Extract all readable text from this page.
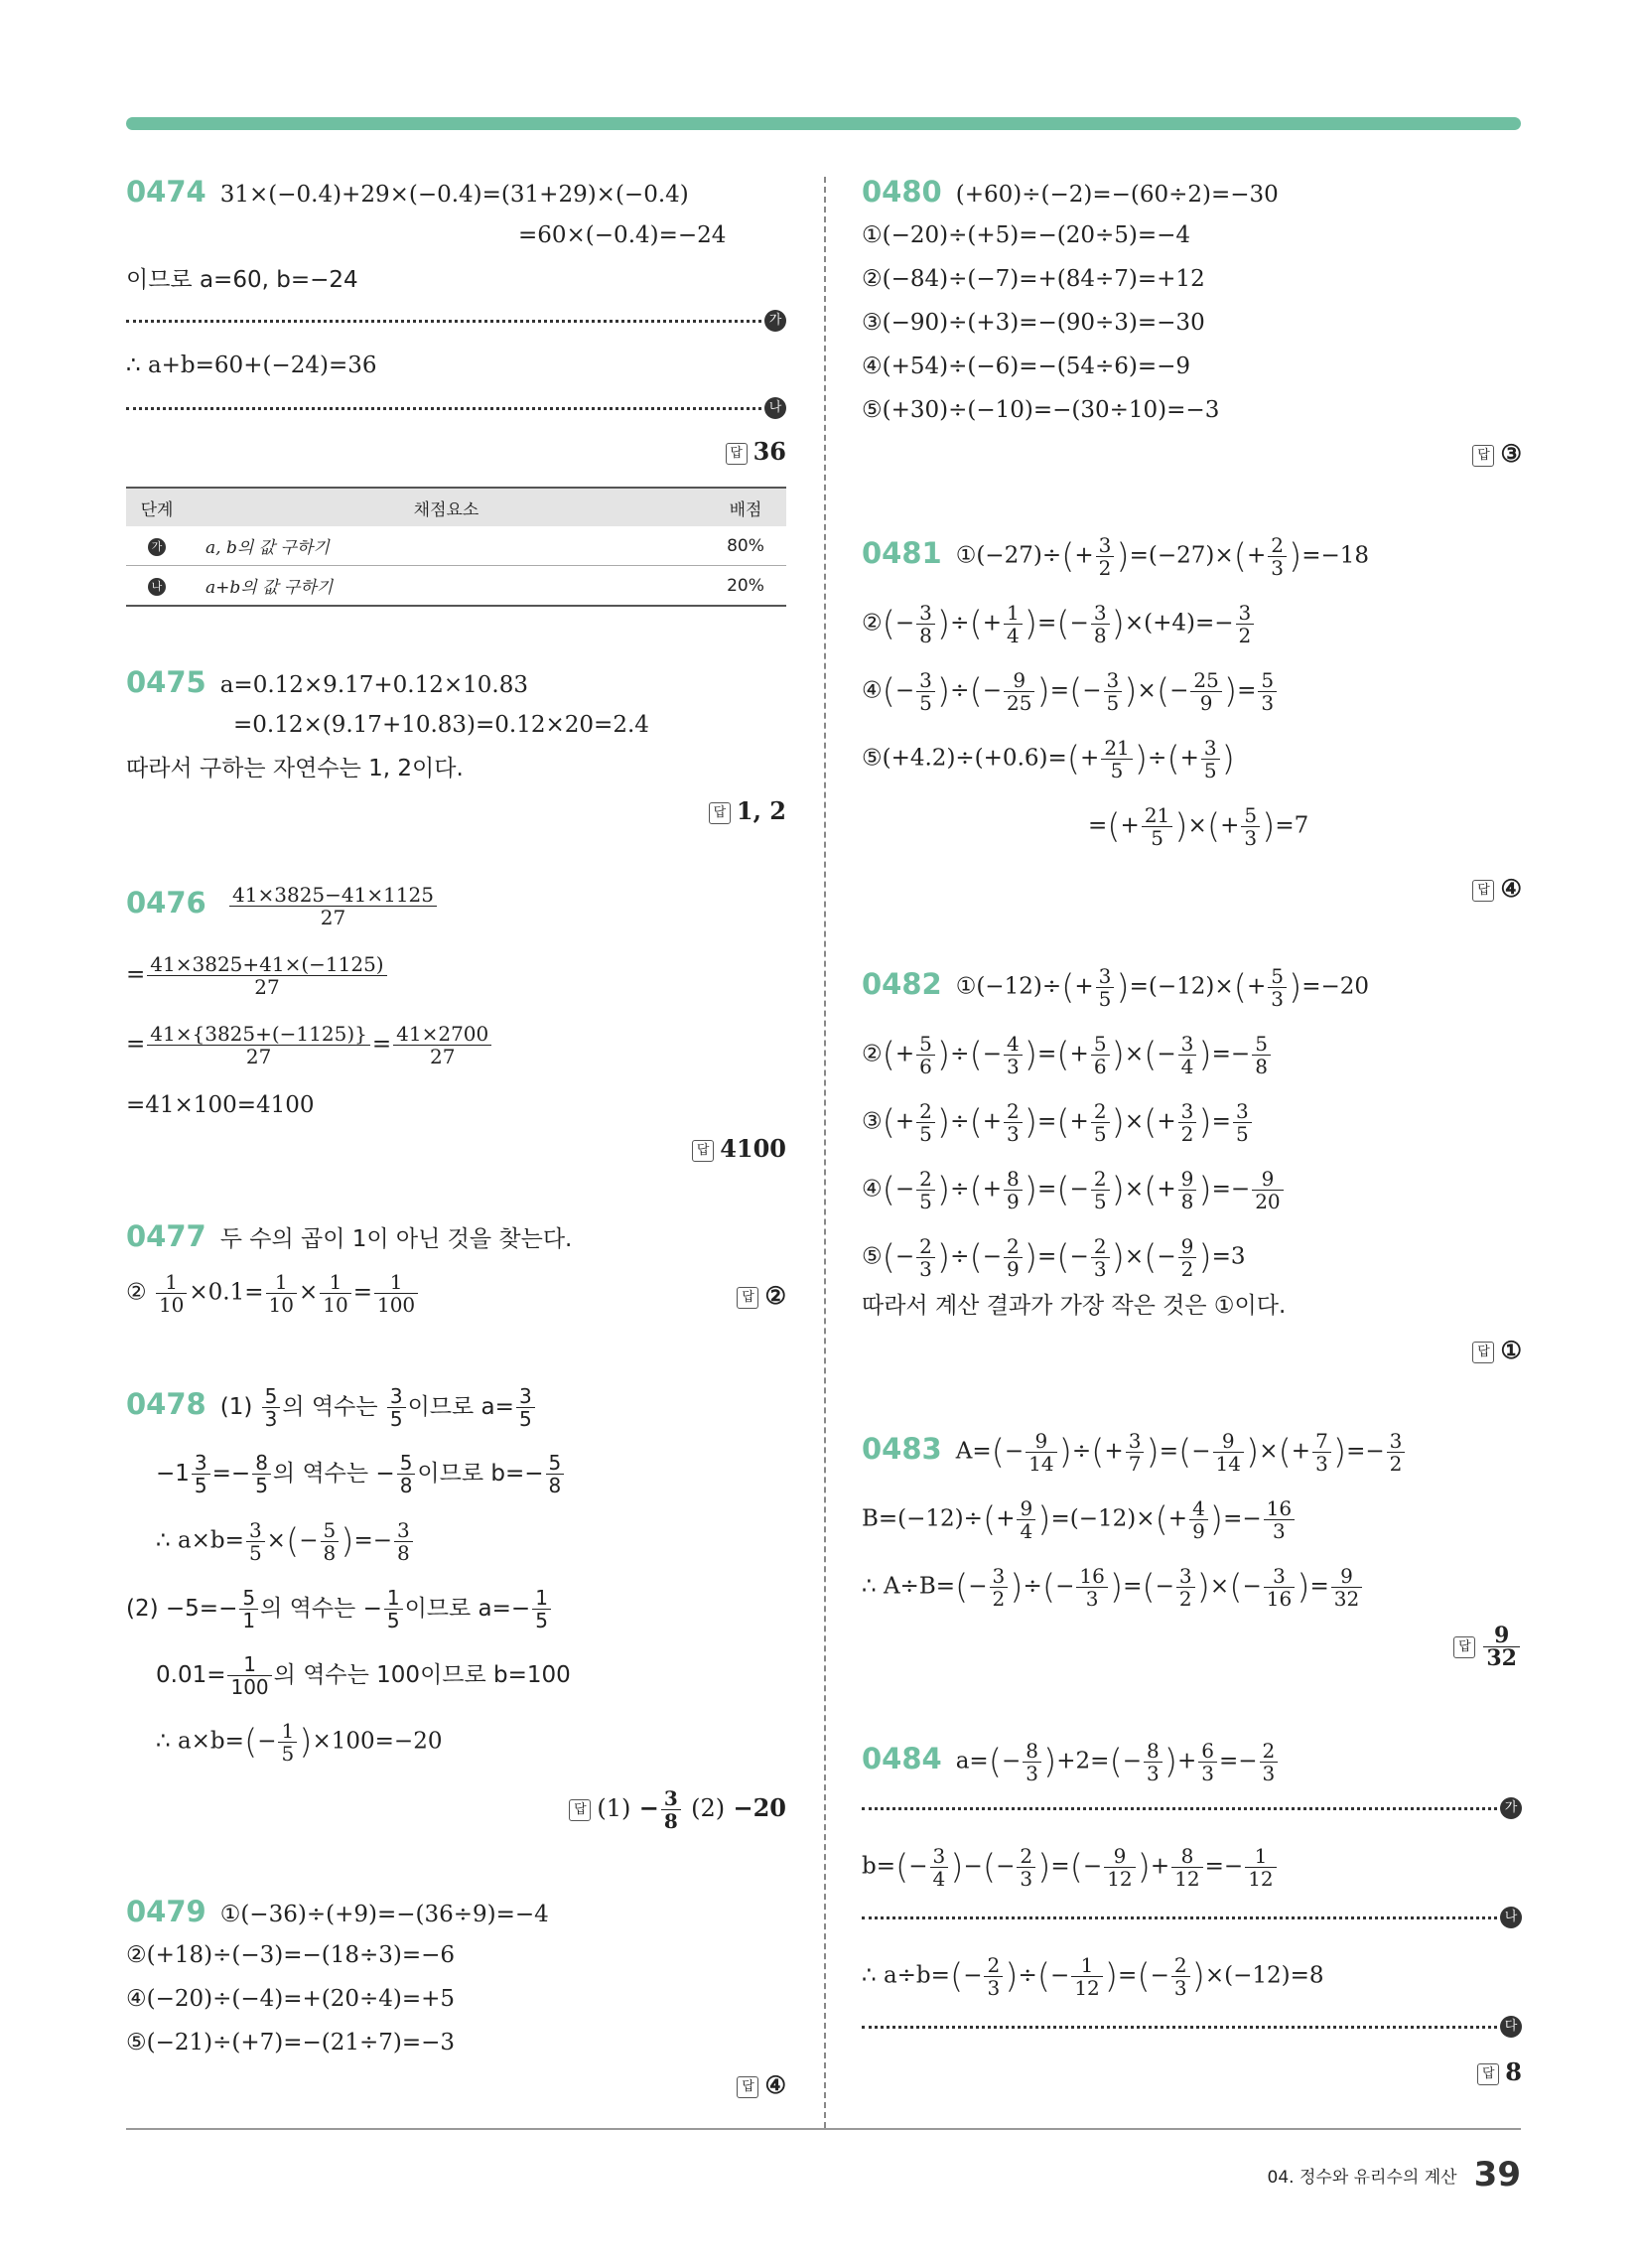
0474 31×(−0.4)+29×(−0.4)=(31+29)×(−0.4)
=60×(−0.4)=−24
이므로 a=60, b=−24
가
∴ a+b=60+(−24)=36
나
답 36
단계	채점요소	배점
가	a, b의 값 구하기	80%
나	a+b의 값 구하기	20%
0475 a=0.12×9.17+0.12×10.83
=0.12×(9.17+10.83)=0.12×20=2.4
따라서 구하는 자연수는 1, 2이다.
답 1, 2
$0476 \frac{41\times 3825-41\times 1125}{27}$
= $\frac{41\times 3825+41\times(-1125)}{27}$
= $\frac{41\times\{3825+(-1125)\}}{27} = \frac{41\times 2700}{27}$
=41×100=4100
답 4100
0477 두 수의 곱이 1이 아닌 것을 찾는다.
② $\frac{1}{10} \times 0.1= \frac{1}{10} \times \frac{1}{10} = \frac{1}{100}$	답 ②
0478 $(1) \frac{5}{3}$ 의 역수는 $\frac{3}{5}$ 이므로 $a= \frac{3}{5}$
$-1 \frac{3}{5} =- \frac{8}{5}$ 의 역수는 − $\frac{5}{8}$ 이므로 $b=- \frac{5}{8}$
∴ $a\times b= \frac{3}{5}$ ×(− $\frac{5}{8}$ )=− $\frac{3}{8}$
$(2) -5=- \frac{5}{1}$ 의 역수는 − $\frac{1}{5}$ 이므로 $a=- \frac{1}{5}$
$0.01= \frac{1}{100}$ 의 역수는 100이므로 b=100
∴ $a\times b=(- \frac{1}{5} )\times 100=-20$
답 $(1) - \frac{3}{8} (2) -20$
0479 ①(−36)÷(+9)=−(36÷9)=−4
②(+18)÷(−3)=−(18÷3)=−6
④(−20)÷(−4)=+(20÷4)=+5
⑤(−21)÷(+7)=−(21÷7)=−3
답 ④
0480 (+60)÷(−2)=−(60÷2)=−30
①(−20)÷(+5)=−(20÷5)=−4
②(−84)÷(−7)=+(84÷7)=+12
③(−90)÷(+3)=−(90÷3)=−30
④(+54)÷(−6)=−(54÷6)=−9
⑤(+30)÷(−10)=−(30÷10)=−3
답 ③
0481 ①(−27)÷(+ $\frac{3}{2} )=(-27)\times(+ \frac{2}{3} )=-18$
②(− $\frac{3}{8}$ )÷(+ $\frac{1}{4}$ )=(− $\frac{3}{8} )\times(+4)=- \frac{3}{2}$
④(− $\frac{3}{5}$ )÷(− $\frac{9}{25}$ )=(− $\frac{3}{5}$ )×(− $\frac{25}{9}$ )= $\frac{5}{3}$
⑤(+4.2)÷(+0.6)=(+ $\frac{21}{5}$ )÷(+ $\frac{3}{5}$ )
=(+ $\frac{21}{5}$ )×(+ $\frac{5}{3} )=7$
답 ④
0482 ①(−12)÷(+ $\frac{3}{5} )=(-12)\times(+ \frac{5}{3} )=-20$
②(+ $\frac{5}{6}$ )÷(− $\frac{4}{3}$ )=(+ $\frac{5}{6}$ )×(− $\frac{3}{4}$ )=− $\frac{5}{8}$
③(+ $\frac{2}{5}$ )÷(+ $\frac{2}{3}$ )=(+ $\frac{2}{5}$ )×(+ $\frac{3}{2}$ )= $\frac{3}{5}$
④(− $\frac{2}{5}$ )÷(+ $\frac{8}{9}$ )=(− $\frac{2}{5}$ )×(+ $\frac{9}{8}$ )=− $\frac{9}{20}$
⑤(− $\frac{2}{3}$ )÷(− $\frac{2}{9}$ )=(− $\frac{2}{3}$ )×(− $\frac{9}{2} )=3$
따라서 계산 결과가 가장 작은 것은 ①이다.
답 ①
0483 $A=(- \frac{9}{14}$ )÷(+ $\frac{3}{7}$ )=(− $\frac{9}{14}$ )×(+ $\frac{7}{3}$ )=− $\frac{3}{2}$
$B=(-12)\div(+ \frac{9}{4} )=(-12)\times(+ \frac{4}{9}$ )=− $\frac{16}{3}$
∴ $A\div B=(- \frac{3}{2}$ )÷(− $\frac{16}{3}$ )=(− $\frac{3}{2}$ )×(− $\frac{3}{16}$ )= $\frac{9}{32}$
답 $\frac{9}{32}$
0484 $a=(- \frac{8}{3} )+2=(- \frac{8}{3}$ )+ $\frac{6}{3} =- \frac{2}{3}$
가
$b=(- \frac{3}{4}$ )−(− $\frac{2}{3}$ )=(− $\frac{9}{12}$ )+ $\frac{8}{12} =- \frac{1}{12}$
나
∴ $a\div b=(- \frac{2}{3}$ )÷(− $\frac{1}{12}$ )=(− $\frac{2}{3} )\times(-12)=8$
다
답 8
04. 정수와 유리수의 계산 39
